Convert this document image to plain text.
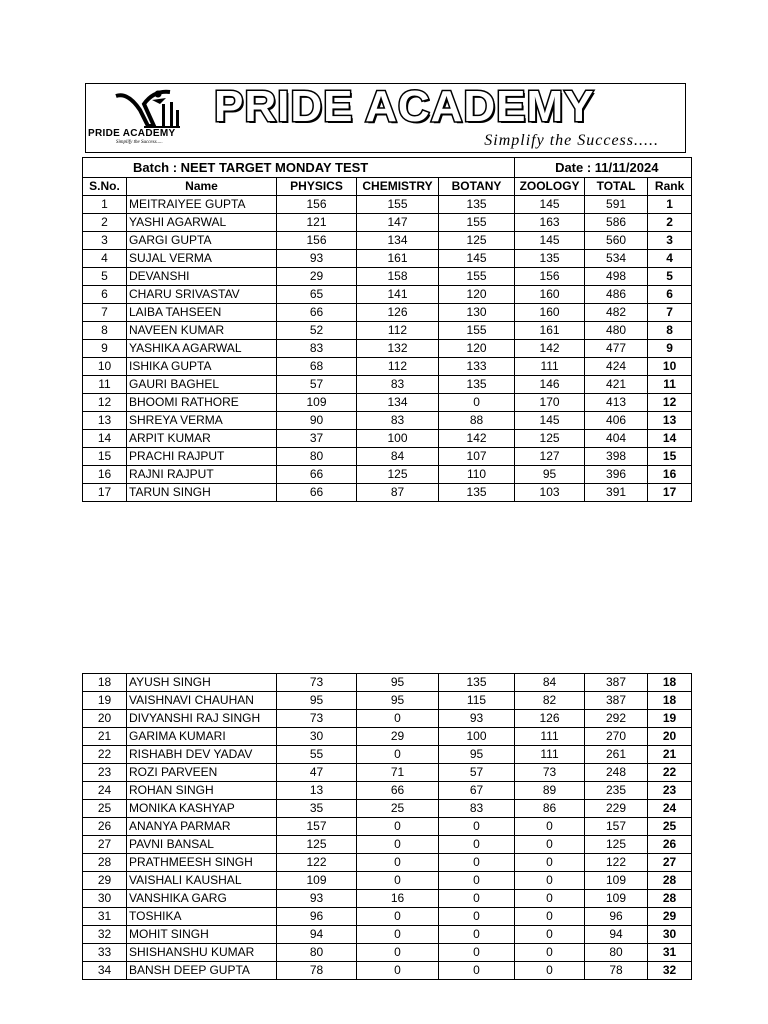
PRIDE ACADEMY
Simplify the Success.....
PRIDE ACADEMY
Simplify the Success.....
Batch : NEET TARGET MONDAY TEST					Date : 11/11/2024		
S.No.	Name	PHYSICS	CHEMISTRY	BOTANY	ZOOLOGY	TOTAL	Rank
1	MEITRAIYEE GUPTA	156	155	135	145	591	1
2	YASHI AGARWAL	121	147	155	163	586	2
3	GARGI GUPTA	156	134	125	145	560	3
4	SUJAL VERMA	93	161	145	135	534	4
5	DEVANSHI	29	158	155	156	498	5
6	CHARU SRIVASTAV	65	141	120	160	486	6
7	LAIBA TAHSEEN	66	126	130	160	482	7
8	NAVEEN KUMAR	52	112	155	161	480	8
9	YASHIKA AGARWAL	83	132	120	142	477	9
10	ISHIKA GUPTA	68	112	133	111	424	10
11	GAURI BAGHEL	57	83	135	146	421	11
12	BHOOMI RATHORE	109	134	0	170	413	12
13	SHREYA VERMA	90	83	88	145	406	13
14	ARPIT KUMAR	37	100	142	125	404	14
15	PRACHI RAJPUT	80	84	107	127	398	15
16	RAJNI RAJPUT	66	125	110	95	396	16
17	TARUN SINGH	66	87	135	103	391	17
18	AYUSH SINGH	73	95	135	84	387	18
19	VAISHNAVI CHAUHAN	95	95	115	82	387	18
20	DIVYANSHI RAJ SINGH	73	0	93	126	292	19
21	GARIMA KUMARI	30	29	100	111	270	20
22	RISHABH DEV YADAV	55	0	95	111	261	21
23	ROZI PARVEEN	47	71	57	73	248	22
24	ROHAN SINGH	13	66	67	89	235	23
25	MONIKA KASHYAP	35	25	83	86	229	24
26	ANANYA PARMAR	157	0	0	0	157	25
27	PAVNI BANSAL	125	0	0	0	125	26
28	PRATHMEESH SINGH	122	0	0	0	122	27
29	VAISHALI KAUSHAL	109	0	0	0	109	28
30	VANSHIKA GARG	93	16	0	0	109	28
31	TOSHIKA	96	0	0	0	96	29
32	MOHIT SINGH	94	0	0	0	94	30
33	SHISHANSHU KUMAR	80	0	0	0	80	31
34	BANSH DEEP GUPTA	78	0	0	0	78	32
